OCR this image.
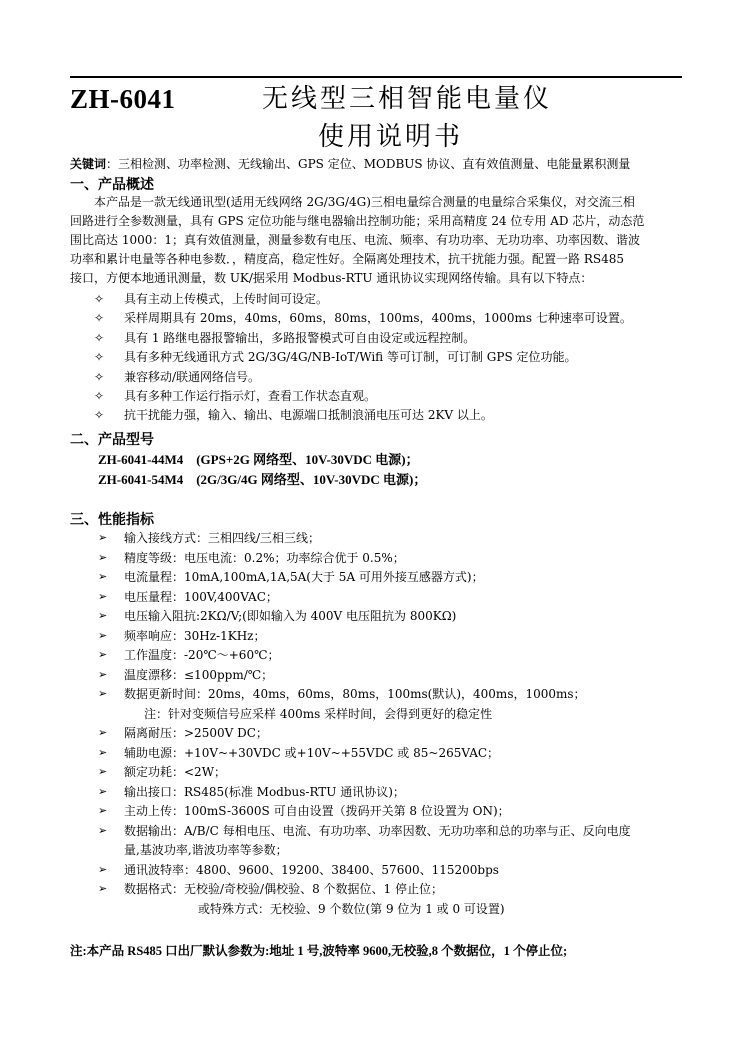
ZH-6041	无线型三相智能电量仪
使用说明书
关键词：三相检测、功率检测、无线输出、GPS 定位、MODBUS 协议、直有效值测量、电能量累积测量
一、产品概述
　　本产品是一款无线通讯型(适用无线网络 2G/3G/4G)三相电量综合测量的电量综合采集仪，对交流三相
回路进行全参数测量，具有 GPS 定位功能与继电器输出控制功能；采用高精度 24 位专用 AD 芯片，动态范
围比高达 1000：1；真有效值测量，测量参数有电压、电流、频率、有功功率、无功功率、功率因数、谐波
功率和累计电量等各种电参数．，精度高，稳定性好。全隔离处理技术，抗干扰能力强。配置一路 RS485
接口，方便本地通讯测量，数 UK/据采用 Modbus-RTU 通讯协议实现网络传输。具有以下特点：
✧	具有主动上传模式，上传时间可设定。
✧	采样周期具有 20ms，40ms，60ms，80ms，100ms，400ms，1000ms 七种速率可设置。
✧	具有 1 路继电器报警输出，多路报警模式可自由设定或远程控制。
✧	具有多种无线通讯方式 2G/3G/4G/NB-IoT/Wifi 等可订制，可订制 GPS 定位功能。
✧	兼容移动/联通网络信号。
✧	具有多种工作运行指示灯，查看工作状态直观。
✧	抗干扰能力强，输入、输出、电源端口抵制浪涌电压可达 2KV 以上。
二、产品型号
ZH-6041-44M4　(GPS+2G 网络型、10V-30VDC 电源)；
ZH-6041-54M4　(2G/3G/4G 网络型、10V-30VDC 电源)；
三、性能指标
➢	输入接线方式：三相四线/三相三线；
➢	精度等级：电压电流：0.2%；功率综合优于 0.5%；
➢	电流量程：10mA,100mA,1A,5A(大于 5A 可用外接互感器方式)；
➢	电压量程：100V,400VAC；
➢	电压输入阻抗:2KΩ/V;(即如输入为 400V 电压阻抗为 800KΩ)
➢	频率响应：30Hz-1KHz；
➢	工作温度：-20℃～+60℃；
➢	温度漂移：≤100ppm/℃；
➢	数据更新时间：20ms，40ms，60ms，80ms，100ms(默认)，400ms，1000ms；
注：针对变频信号应采样 400ms 采样时间，会得到更好的稳定性
➢	隔离耐压：>2500V DC；
➢	辅助电源：+10V~+30VDC 或+10V~+55VDC 或 85~265VAC；
➢	额定功耗：<2W；
➢	输出接口：RS485(标准 Modbus-RTU 通讯协议)；
➢	主动上传：100mS-3600S 可自由设置（拨码开关第 8 位设置为 ON)；
➢	数据输出：A/B/C 每相电压、电流、有功功率、功率因数、无功功率和总的功率与正、反向电度
量,基波功率,谐波功率等参数；
➢	通讯波特率：4800、9600、19200、38400、57600、115200bps
➢	数据格式：无校验/奇校验/偶校验、8 个数据位、1 停止位；
或特殊方式：无校验、9 个数位(第 9 位为 1 或 0 可设置)
注:本产品 RS485 口出厂默认参数为:地址 1 号,波特率 9600,无校验,8 个数据位，1 个停止位;
